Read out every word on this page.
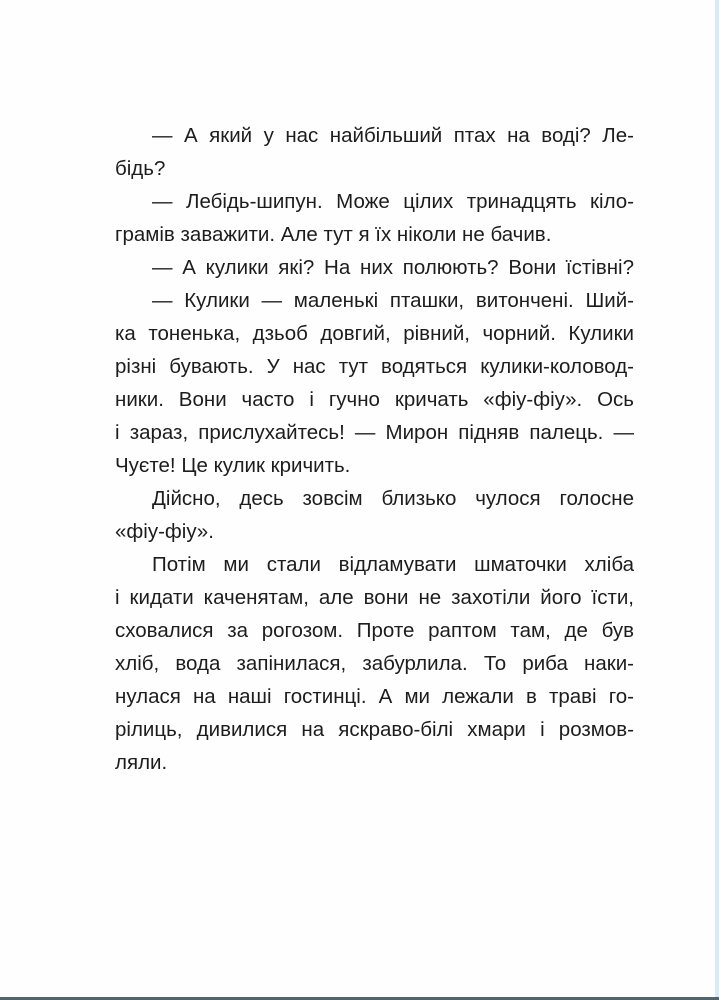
— А який у нас найбільший птах на воді? Ле-
бідь?
— Лебідь-шипун. Може цілих тринадцять кіло-
грамів заважити. Але тут я їх ніколи не бачив.
— А кулики які? На них полюють? Вони їстівні?
— Кулики — маленькі пташки, витончені. Ший-
ка тоненька, дзьоб довгий, рівний, чорний. Кулики
різні бувають. У нас тут водяться кулики-коловод-
ники. Вони часто і гучно кричать «фіу-фіу». Ось
і зараз, прислухайтесь! — Мирон підняв палець. —
Чуєте! Це кулик кричить.
Дійсно, десь зовсім близько чулося голосне
«фіу-фіу».
Потім ми стали відламувати шматочки хліба
і кидати каченятам, але вони не захотіли його їсти,
сховалися за рогозом. Проте раптом там, де був
хліб, вода запінилася, забурлила. То риба наки-
нулася на наші гостинці. А ми лежали в траві го-
рілиць, дивилися на яскраво-білі хмари і розмов-
ляли.
